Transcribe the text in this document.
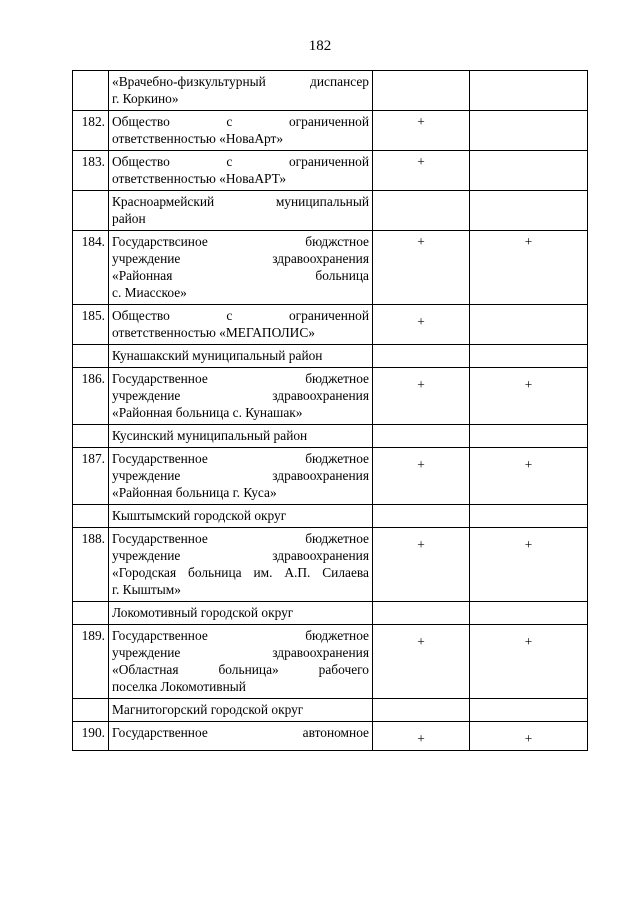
182

	«Врачебно-физкультурный диспансер
г. Коркино»		

182.	Общество с ограниченной
ответственностью «НоваАрт»	+	
183.	Общество с ограниченной
ответственностью «НоваАРТ»	+	

	Красноармейский муниципальный
район		

184.	Государствсиное бюджстное
учреждение здравоохранения
«Районная больница
с. Миасское»	+	+
185.	Общество с ограниченной
ответственностью «МЕГАПОЛИС»	+	

	Кунашакский муниципальный район		

186.	Государственное бюджетное
учреждение здравоохранения
«Районная больница с. Кунашак»	+	+

	Кусинский муниципальный район		

187.	Государственное бюджетное
учреждение здравоохранения
«Районная больница г. Куса»	+	+

	Кыштымский городской округ		

188.	Государственное бюджетное
учреждение здравоохранения
«Городская больница им. А.П. Силаева
г. Кыштым»	+	+

	Локомотивный городской округ		

189.	Государственное бюджетное
учреждение здравоохранения
«Областная больница» рабочего
поселка Локомотивный	+	+

	Магнитогорский городской округ		

190.	Государственное автономное	+	+
